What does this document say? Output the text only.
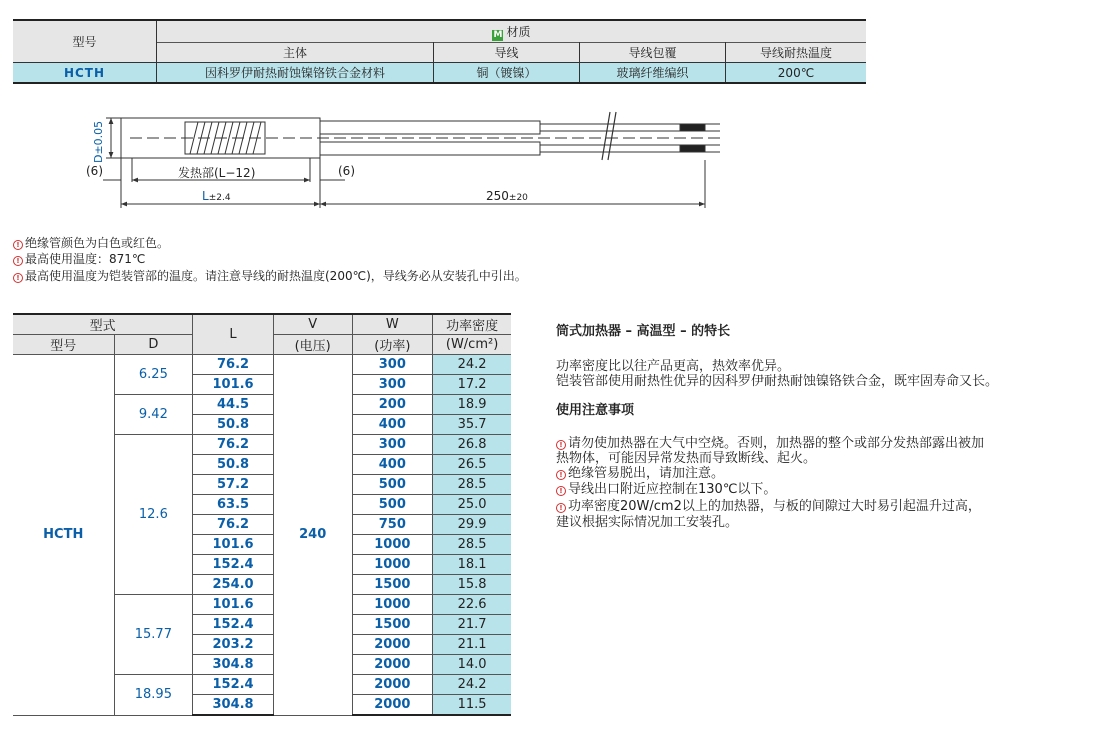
型号	M 材质			
	主体	导线	导线包覆	导线耐热温度
HCTH	因科罗伊耐热耐蚀镍铬铁合金材料	铜（镀镍）	玻璃纤维编织	200℃
D±0.05
(6)	发热部(L−12)	(6)
L±2.4	250±20
! 绝缘管颜色为白色或红色。
! 最高使用温度：871℃
! 最高使用温度为铠装管部的温度。请注意导线的耐热温度(200℃)，导线务必从安装孔中引出。
型式		L	V	W	功率密度
型号	D		(电压)	(功率)	(W/cm²)
HCTH	6.25	76.2	240	300	24.2
		101.6		300	17.2
	9.42	44.5		200	18.9
		50.8		400	35.7
	12.6	76.2		300	26.8
		50.8		400	26.5
		57.2		500	28.5
		63.5		500	25.0
		76.2		750	29.9
		101.6		1000	28.5
		152.4		1000	18.1
		254.0		1500	15.8
	15.77	101.6		1000	22.6
		152.4		1500	21.7
		203.2		2000	21.1
		304.8		2000	14.0
	18.95	152.4		2000	24.2
		304.8		2000	11.5
筒式加热器 – 高温型 – 的特长
功率密度比以往产品更高，热效率优异。
铠装管部使用耐热性优异的因科罗伊耐热耐蚀镍铬铁合金，既牢固寿命又长。
使用注意事项
! 请勿使加热器在大气中空烧。否则，加热器的整个或部分发热部露出被加
热物体，可能因异常发热而导致断线、起火。
! 绝缘管易脱出，请加注意。
! 导线出口附近应控制在130℃以下。
! 功率密度20W/cm2以上的加热器，与板的间隙过大时易引起温升过高，
建议根据实际情况加工安装孔。
